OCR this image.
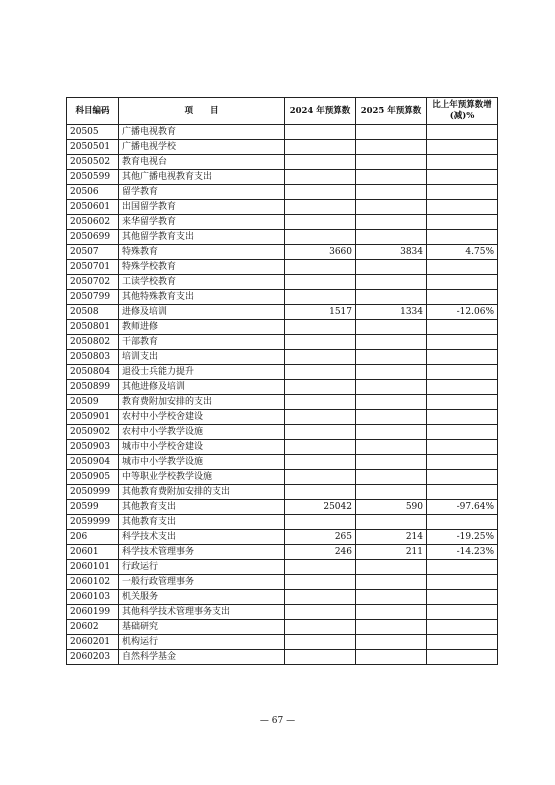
科目编码	项　　目	2024 年预算数	2025 年预算数	比上年预算数增 (减)%
20505	广播电视教育			
2050501	广播电视学校			
2050502	教育电视台			
2050599	其他广播电视教育支出			
20506	留学教育			
2050601	出国留学教育			
2050602	来华留学教育			
2050699	其他留学教育支出			
20507	特殊教育	3660	3834	4.75%
2050701	特殊学校教育			
2050702	工读学校教育			
2050799	其他特殊教育支出			
20508	进修及培训	1517	1334	-12.06%
2050801	教师进修			
2050802	干部教育			
2050803	培训支出			
2050804	退役士兵能力提升			
2050899	其他进修及培训			
20509	教育费附加安排的支出			
2050901	农村中小学校舍建设			
2050902	农村中小学教学设施			
2050903	城市中小学校舍建设			
2050904	城市中小学教学设施			
2050905	中等职业学校教学设施			
2050999	其他教育费附加安排的支出			
20599	其他教育支出	25042	590	-97.64%
2059999	其他教育支出			
206	科学技术支出	265	214	-19.25%
20601	科学技术管理事务	246	211	-14.23%
2060101	行政运行			
2060102	一般行政管理事务			
2060103	机关服务			
2060199	其他科学技术管理事务支出			
20602	基础研究			
2060201	机构运行			
2060203	自然科学基金			
— 67 —
